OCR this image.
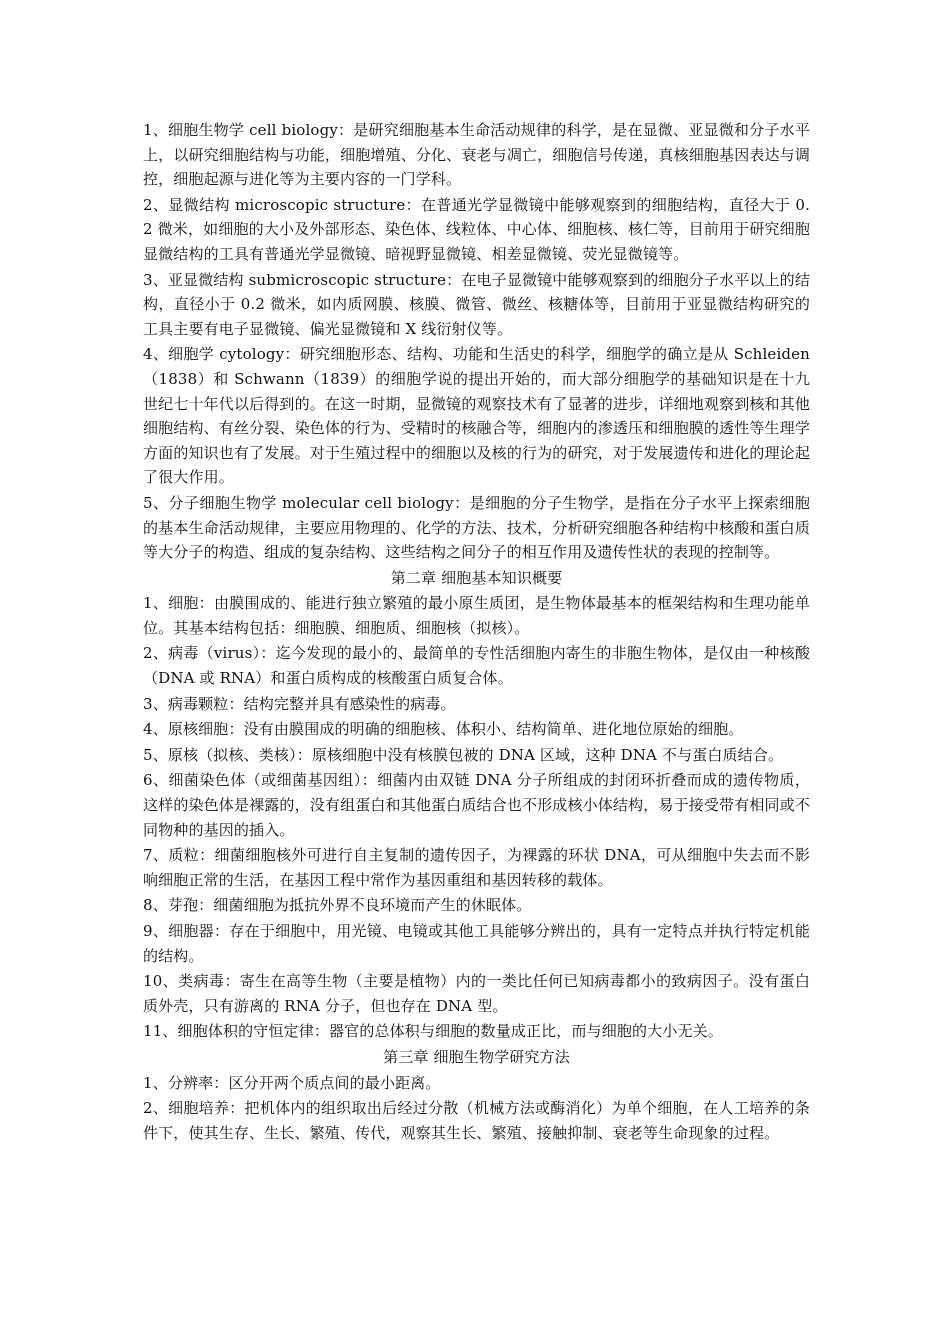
1、细胞生物学 cell biology：是研究细胞基本生命活动规律的科学，是在显微、亚显微和分子水平上，以研究细胞结构与功能，细胞增殖、分化、衰老与凋亡，细胞信号传递，真核细胞基因表达与调控，细胞起源与进化等为主要内容的一门学科。

2、显微结构 microscopic structure：在普通光学显微镜中能够观察到的细胞结构，直径大于 0.2 微米，如细胞的大小及外部形态、染色体、线粒体、中心体、细胞核、核仁等，目前用于研究细胞显微结构的工具有普通光学显微镜、暗视野显微镜、相差显微镜、荧光显微镜等。

3、亚显微结构 submicroscopic structure：在电子显微镜中能够观察到的细胞分子水平以上的结构，直径小于 0.2 微米，如内质网膜、核膜、微管、微丝、核糖体等，目前用于亚显微结构研究的工具主要有电子显微镜、偏光显微镜和 X 线衍射仪等。

4、细胞学 cytology：研究细胞形态、结构、功能和生活史的科学，细胞学的确立是从 Schleiden（1838）和 Schwann（1839）的细胞学说的提出开始的，而大部分细胞学的基础知识是在十九世纪七十年代以后得到的。在这一时期，显微镜的观察技术有了显著的进步，详细地观察到核和其他细胞结构、有丝分裂、染色体的行为、受精时的核融合等，细胞内的渗透压和细胞膜的透性等生理学方面的知识也有了发展。对于生殖过程中的细胞以及核的行为的研究，对于发展遗传和进化的理论起了很大作用。

5、分子细胞生物学 molecular cell biology：是细胞的分子生物学，是指在分子水平上探索细胞的基本生命活动规律，主要应用物理的、化学的方法、技术，分析研究细胞各种结构中核酸和蛋白质等大分子的构造、组成的复杂结构、这些结构之间分子的相互作用及遗传性状的表现的控制等。

第二章 细胞基本知识概要

1、细胞：由膜围成的、能进行独立繁殖的最小原生质团，是生物体最基本的框架结构和生理功能单位。其基本结构包括：细胞膜、细胞质、细胞核（拟核）。

2、病毒（virus）：迄今发现的最小的、最简单的专性活细胞内寄生的非胞生物体，是仅由一种核酸（DNA 或 RNA）和蛋白质构成的核酸蛋白质复合体。

3、病毒颗粒：结构完整并具有感染性的病毒。

4、原核细胞：没有由膜围成的明确的细胞核、体积小、结构简单、进化地位原始的细胞。

5、原核（拟核、类核）：原核细胞中没有核膜包被的 DNA 区域，这种 DNA 不与蛋白质结合。

6、细菌染色体（或细菌基因组）：细菌内由双链 DNA 分子所组成的封闭环折叠而成的遗传物质，这样的染色体是裸露的，没有组蛋白和其他蛋白质结合也不形成核小体结构，易于接受带有相同或不同物种的基因的插入。

7、质粒：细菌细胞核外可进行自主复制的遗传因子，为裸露的环状 DNA，可从细胞中失去而不影响细胞正常的生活，在基因工程中常作为基因重组和基因转移的载体。

8、芽孢：细菌细胞为抵抗外界不良环境而产生的休眠体。

9、细胞器：存在于细胞中，用光镜、电镜或其他工具能够分辨出的，具有一定特点并执行特定机能的结构。

10、类病毒：寄生在高等生物（主要是植物）内的一类比任何已知病毒都小的致病因子。没有蛋白质外壳，只有游离的 RNA 分子，但也存在 DNA 型。

11、细胞体积的守恒定律：器官的总体积与细胞的数量成正比，而与细胞的大小无关。

第三章 细胞生物学研究方法

1、分辨率：区分开两个质点间的最小距离。

2、细胞培养：把机体内的组织取出后经过分散（机械方法或酶消化）为单个细胞，在人工培养的条件下，使其生存、生长、繁殖、传代，观察其生长、繁殖、接触抑制、衰老等生命现象的过程。
